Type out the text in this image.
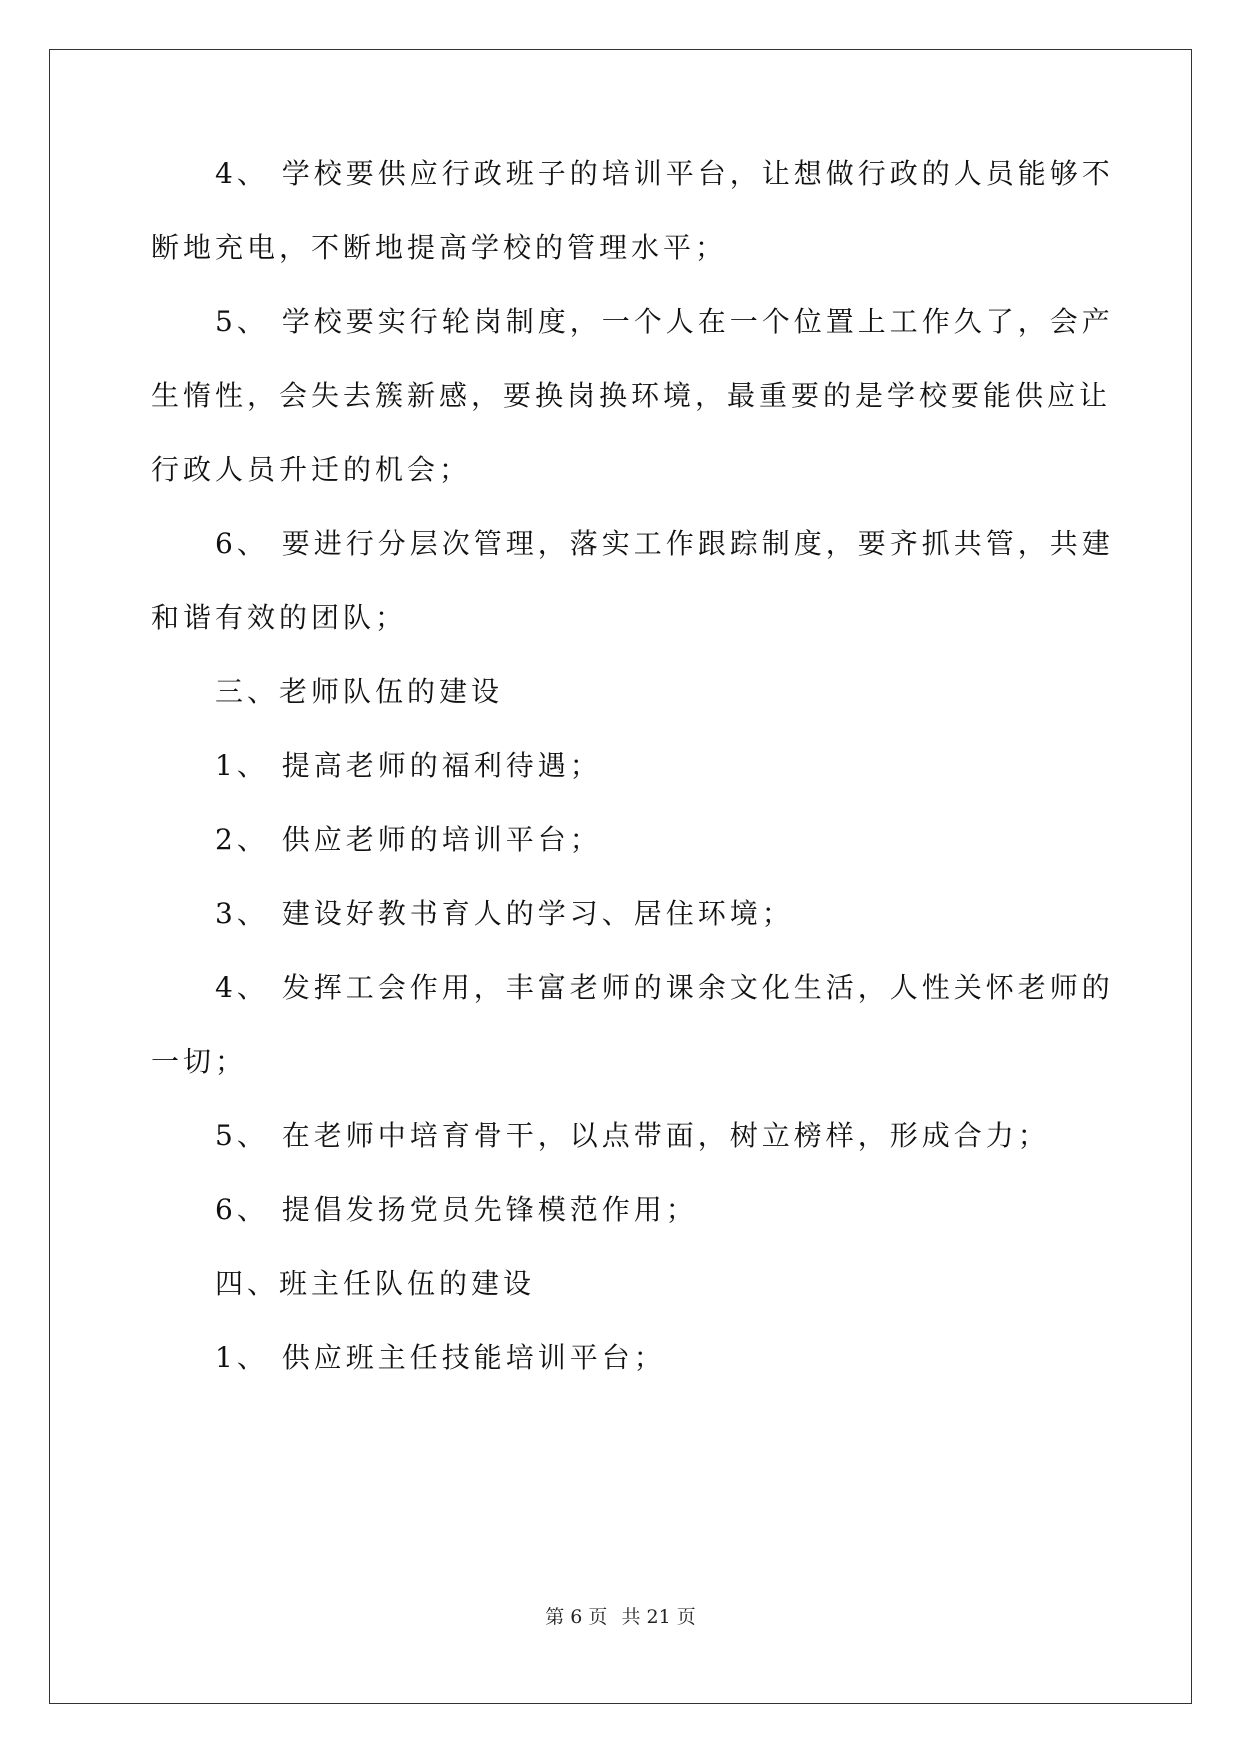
　　4、 学校要供应行政班子的培训平台，让想做行政的人员能够不
断地充电，不断地提高学校的管理水平；
　　5、 学校要实行轮岗制度，一个人在一个位置上工作久了，会产
生惰性，会失去簇新感，要换岗换环境，最重要的是学校要能供应让
行政人员升迁的机会；
　　6、 要进行分层次管理，落实工作跟踪制度，要齐抓共管，共建
和谐有效的团队；
　　三、老师队伍的建设
　　1、 提高老师的福利待遇；
　　2、 供应老师的培训平台；
　　3、 建设好教书育人的学习、居住环境；
　　4、 发挥工会作用，丰富老师的课余文化生活，人性关怀老师的
一切；
　　5、 在老师中培育骨干，以点带面，树立榜样，形成合力；
　　6、 提倡发扬党员先锋模范作用；
　　四、班主任队伍的建设
　　1、 供应班主任技能培训平台；
第 6 页 共 21 页
